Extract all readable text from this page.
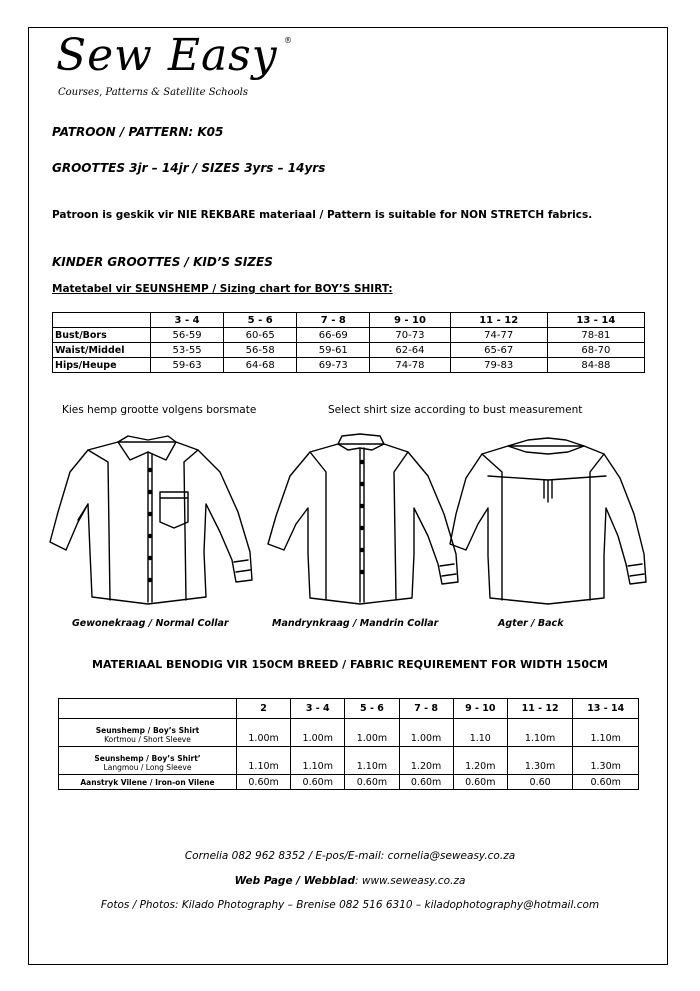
Sew Easy ®
Courses, Patterns & Satellite Schools
PATROON / PATTERN: K05
GROOTTES 3jr – 14jr / SIZES 3yrs – 14yrs
Patroon is geskik vir NIE REKBARE materiaal / Pattern is suitable for NON STRETCH fabrics.
KINDER GROOTTES / KID’S SIZES
Matetabel vir SEUNSHEMP / Sizing chart for BOY’S SHIRT:
	3 - 4	5 - 6	7 - 8	9 - 10	11 - 12	13 - 14
Bust/Bors	56-59	60-65	66-69	70-73	74-77	78-81
Waist/Middel	53-55	56-58	59-61	62-64	65-67	68-70
Hips/Heupe	59-63	64-68	69-73	74-78	79-83	84-88
Kies hemp grootte volgens borsmate	Select shirt size according to bust measurement
Gewonekraag / Normal Collar	Mandrynkraag / Mandrin Collar	Agter / Back
MATERIAAL BENODIG VIR 150CM BREED / FABRIC REQUIREMENT FOR WIDTH 150CM
	2	3 - 4	5 - 6	7 - 8	9 - 10	11 - 12	13 - 14

Seunshemp / Boy’s Shirt
Kortmou / Short Sleeve	1.00m	1.00m	1.00m	1.00m	1.10	1.10m	1.10m

Seunshemp / Boy’s Shirt’
Langmou / Long Sleeve	1.10m	1.10m	1.10m	1.20m	1.20m	1.30m	1.30m
Aanstryk Vilene / Iron-on Vilene	0.60m	0.60m	0.60m	0.60m	0.60m	0.60	0.60m
Cornelia 082 962 8352 / E-pos/E-mail: cornelia@seweasy.co.za
Web Page / Webblad: www.seweasy.co.za
Fotos / Photos: Kilado Photography – Brenise 082 516 6310 – kiladophotography@hotmail.com
